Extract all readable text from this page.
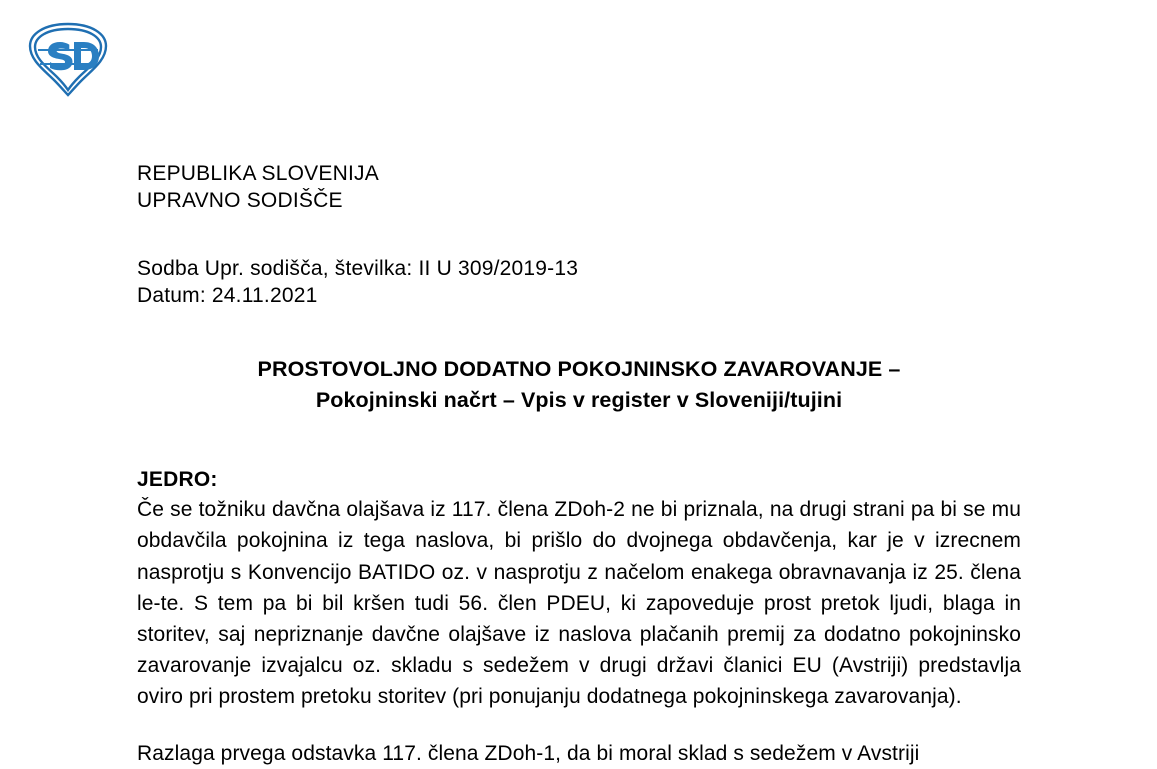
REPUBLIKA SLOVENIJA
UPRAVNO SODIŠČE
Sodba Upr. sodišča, številka: II U 309/2019-13
Datum: 24.11.2021
PROSTOVOLJNO DODATNO POKOJNINSKO ZAVAROVANJE –
Pokojninski načrt – Vpis v register v Sloveniji/tujini
JEDRO:
Če se tožniku davčna olajšava iz 117. člena ZDoh-2 ne bi priznala, na drugi strani pa bi se mu obdavčila pokojnina iz tega naslova, bi prišlo do dvojnega obdavčenja, kar je v izrecnem nasprotju s Konvencijo BATIDO oz. v nasprotju z načelom enakega obravnavanja iz 25. člena le-te. S tem pa bi bil kršen tudi 56. člen PDEU, ki zapoveduje prost pretok ljudi, blaga in storitev, saj nepriznanje davčne olajšave iz naslova plačanih premij za dodatno pokojninsko zavarovanje izvajalcu oz. skladu s sedežem v drugi državi članici EU (Avstriji) predstavlja oviro pri prostem pretoku storitev (pri ponujanju dodatnega pokojninskega zavarovanja).
Razlaga prvega odstavka 117. člena ZDoh-1, da bi moral sklad s sedežem v Avstriji
